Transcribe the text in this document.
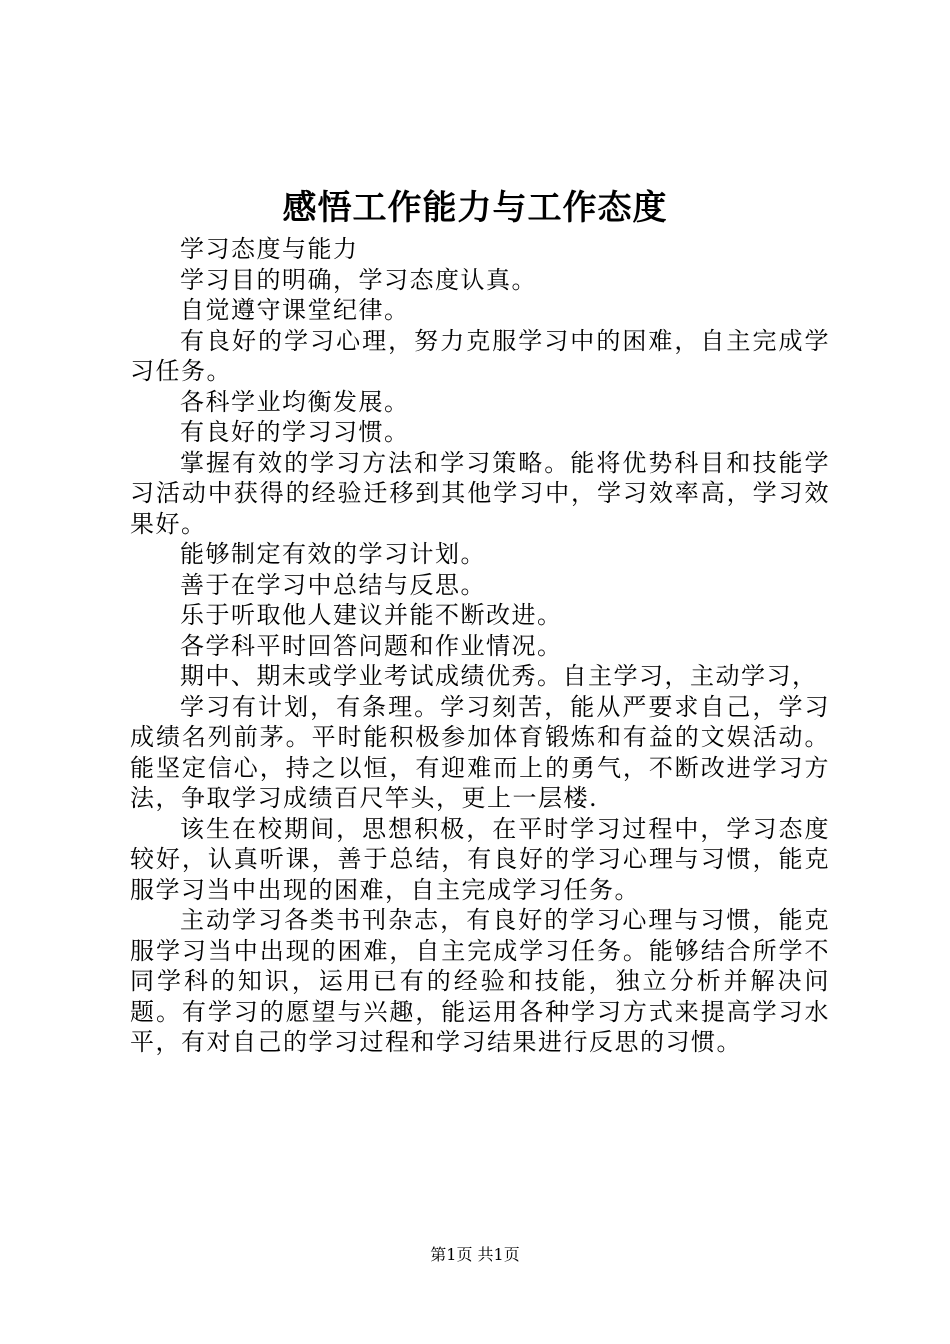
感悟工作能力与工作态度

学习态度与能力

学习目的明确，学习态度认真。

自觉遵守课堂纪律。

有良好的学习心理，努力克服学习中的困难，自主完成学习任务。

各科学业均衡发展。

有良好的学习习惯。

掌握有效的学习方法和学习策略。能将优势科目和技能学习活动中获得的经验迁移到其他学习中，学习效率高，学习效果好。

能够制定有效的学习计划。

善于在学习中总结与反思。

乐于听取他人建议并能不断改进。

各学科平时回答问题和作业情况。

期中、期末或学业考试成绩优秀。自主学习，主动学习，

学习有计划，有条理。学习刻苦，能从严要求自己，学习成绩名列前茅。平时能积极参加体育锻炼和有益的文娱活动。能坚定信心，持之以恒，有迎难而上的勇气，不断改进学习方法，争取学习成绩百尺竿头，更上一层楼.

该生在校期间，思想积极，在平时学习过程中，学习态度较好，认真听课，善于总结，有良好的学习心理与习惯，能克服学习当中出现的困难，自主完成学习任务。

主动学习各类书刊杂志，有良好的学习心理与习惯，能克服学习当中出现的困难，自主完成学习任务。能够结合所学不同学科的知识，运用已有的经验和技能，独立分析并解决问题。有学习的愿望与兴趣，能运用各种学习方式来提高学习水平，有对自己的学习过程和学习结果进行反思的习惯。

第1页 共1页
